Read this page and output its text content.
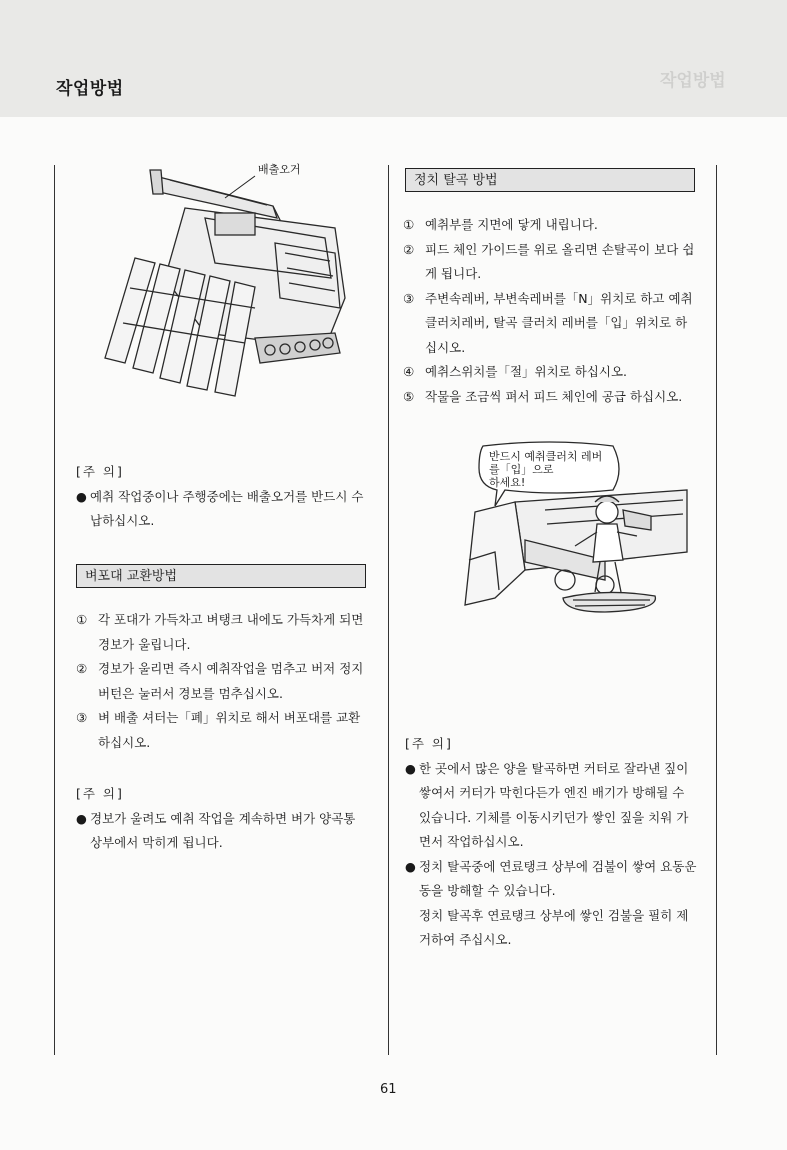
작업방법	작업방법
배출오거
[주 의]
● 예취 작업중이나 주행중에는 배출오거를 반드시 수납하십시오.
벼포대 교환방법
① 각 포대가 가득차고 벼탱크 내에도 가득차게 되면 경보가 울립니다.
② 경보가 울리면 즉시 예취작업을 멈추고 버저 정지 버턴은 눌러서 경보를 멈추십시오.
③ 벼 배출 셔터는「폐」위치로 해서 벼포대를 교환하십시오.
[주 의]
● 경보가 울려도 예취 작업을 계속하면 벼가 양곡통 상부에서 막히게 됩니다.
정치 탈곡 방법
① 예취부를 지면에 닿게 내립니다.
② 피드 체인 가이드를 위로 올리면 손탈곡이 보다 쉽게 됩니다.
③ 주변속레버, 부변속레버를「N」위치로 하고 예취클러치레버, 탈곡 클러치 레버를「입」위치로 하십시오.
④ 예취스위치를「절」위치로 하십시오.
⑤ 작물을 조금씩 펴서 피드 체인에 공급 하십시오.
반드시 예취클러치 레버
를「입」으로
하세요!
[주 의]
● 한 곳에서 많은 양을 탈곡하면 커터로 잘라낸 짚이 쌓여서 커터가 막힌다든가 엔진 배기가 방해될 수 있습니다. 기체를 이동시키던가 쌓인 짚을 치워 가면서 작업하십시오.
● 정치 탈곡중에 연료탱크 상부에 검불이 쌓여 요동운동을 방해할 수 있습니다.
정치 탈곡후 연료탱크 상부에 쌓인 검불을 필히 제거하여 주십시오.
61
